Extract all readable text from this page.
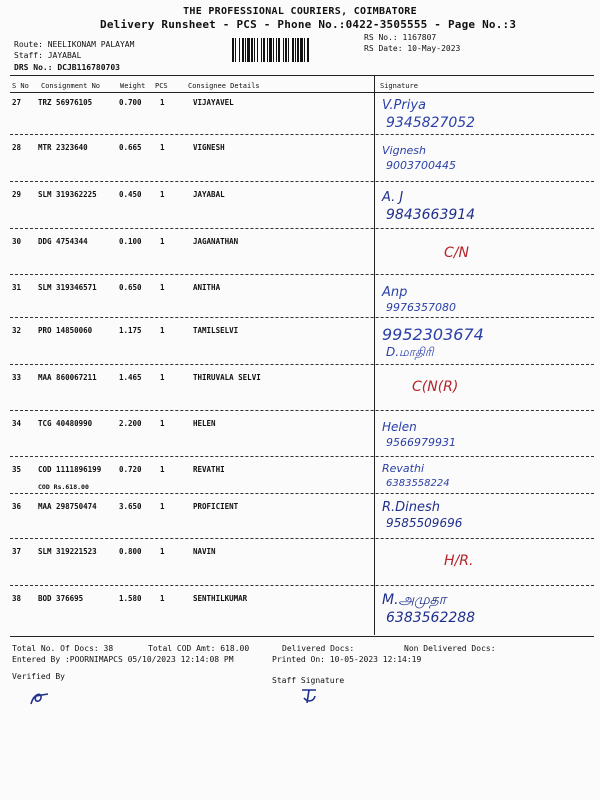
THE PROFESSIONAL COURIERS, COIMBATORE
Delivery Runsheet - PCS - Phone No.:0422-3505555 - Page No.:3
Route: NEELIKONAM PALAYAM
Staff: JAYABAL
DRS No.: DCJB116780703
RS No.: 1167807
RS Date: 10-May-2023
S No Consignment No	Weight PCS	Consignee Details	Signature
27 TRZ 56976105	0.700 1	VIJAYAVEL	V.Priya
9345827052
28 MTR 2323640	0.665 1	VIGNESH	Vignesh
9003700445
29 SLM 319362225	0.450 1	JAYABAL	A. J
9843663914
30 DDG 4754344	0.100 1	JAGANATHAN
C/N
31 SLM 319346571	0.650 1	ANITHA	Anp
9976357080
32 PRO 14850060	1.175 1	TAMILSELVI	9952303674
D.மாதிரி
33 MAA 860067211	1.465 1	THIRUVALA SELVI
C(N(R)
34 TCG 40480990	2.200 1	HELEN	Helen
9566979931
35 COD 1111896199 0.720 1	REVATHI
COD Rs.618.00
Revathi
6383558224
36 MAA 298750474	3.650 1	PROFICIENT	R.Dinesh
9585509696
37 SLM 319221523	0.800 1	NAVIN
H/R.
38 BOD 376695	1.580 1	SENTHILKUMAR	M.அமுதா
6383562288
Total No. Of Docs: 38	Total COD Amt: 618.00	Delivered Docs:	Non Delivered Docs:
Entered By :POORNIMAPCS 05/10/2023 12:14:08 PM	Printed On: 10-05-2023 12:14:19
Verified By	Staff Signature
